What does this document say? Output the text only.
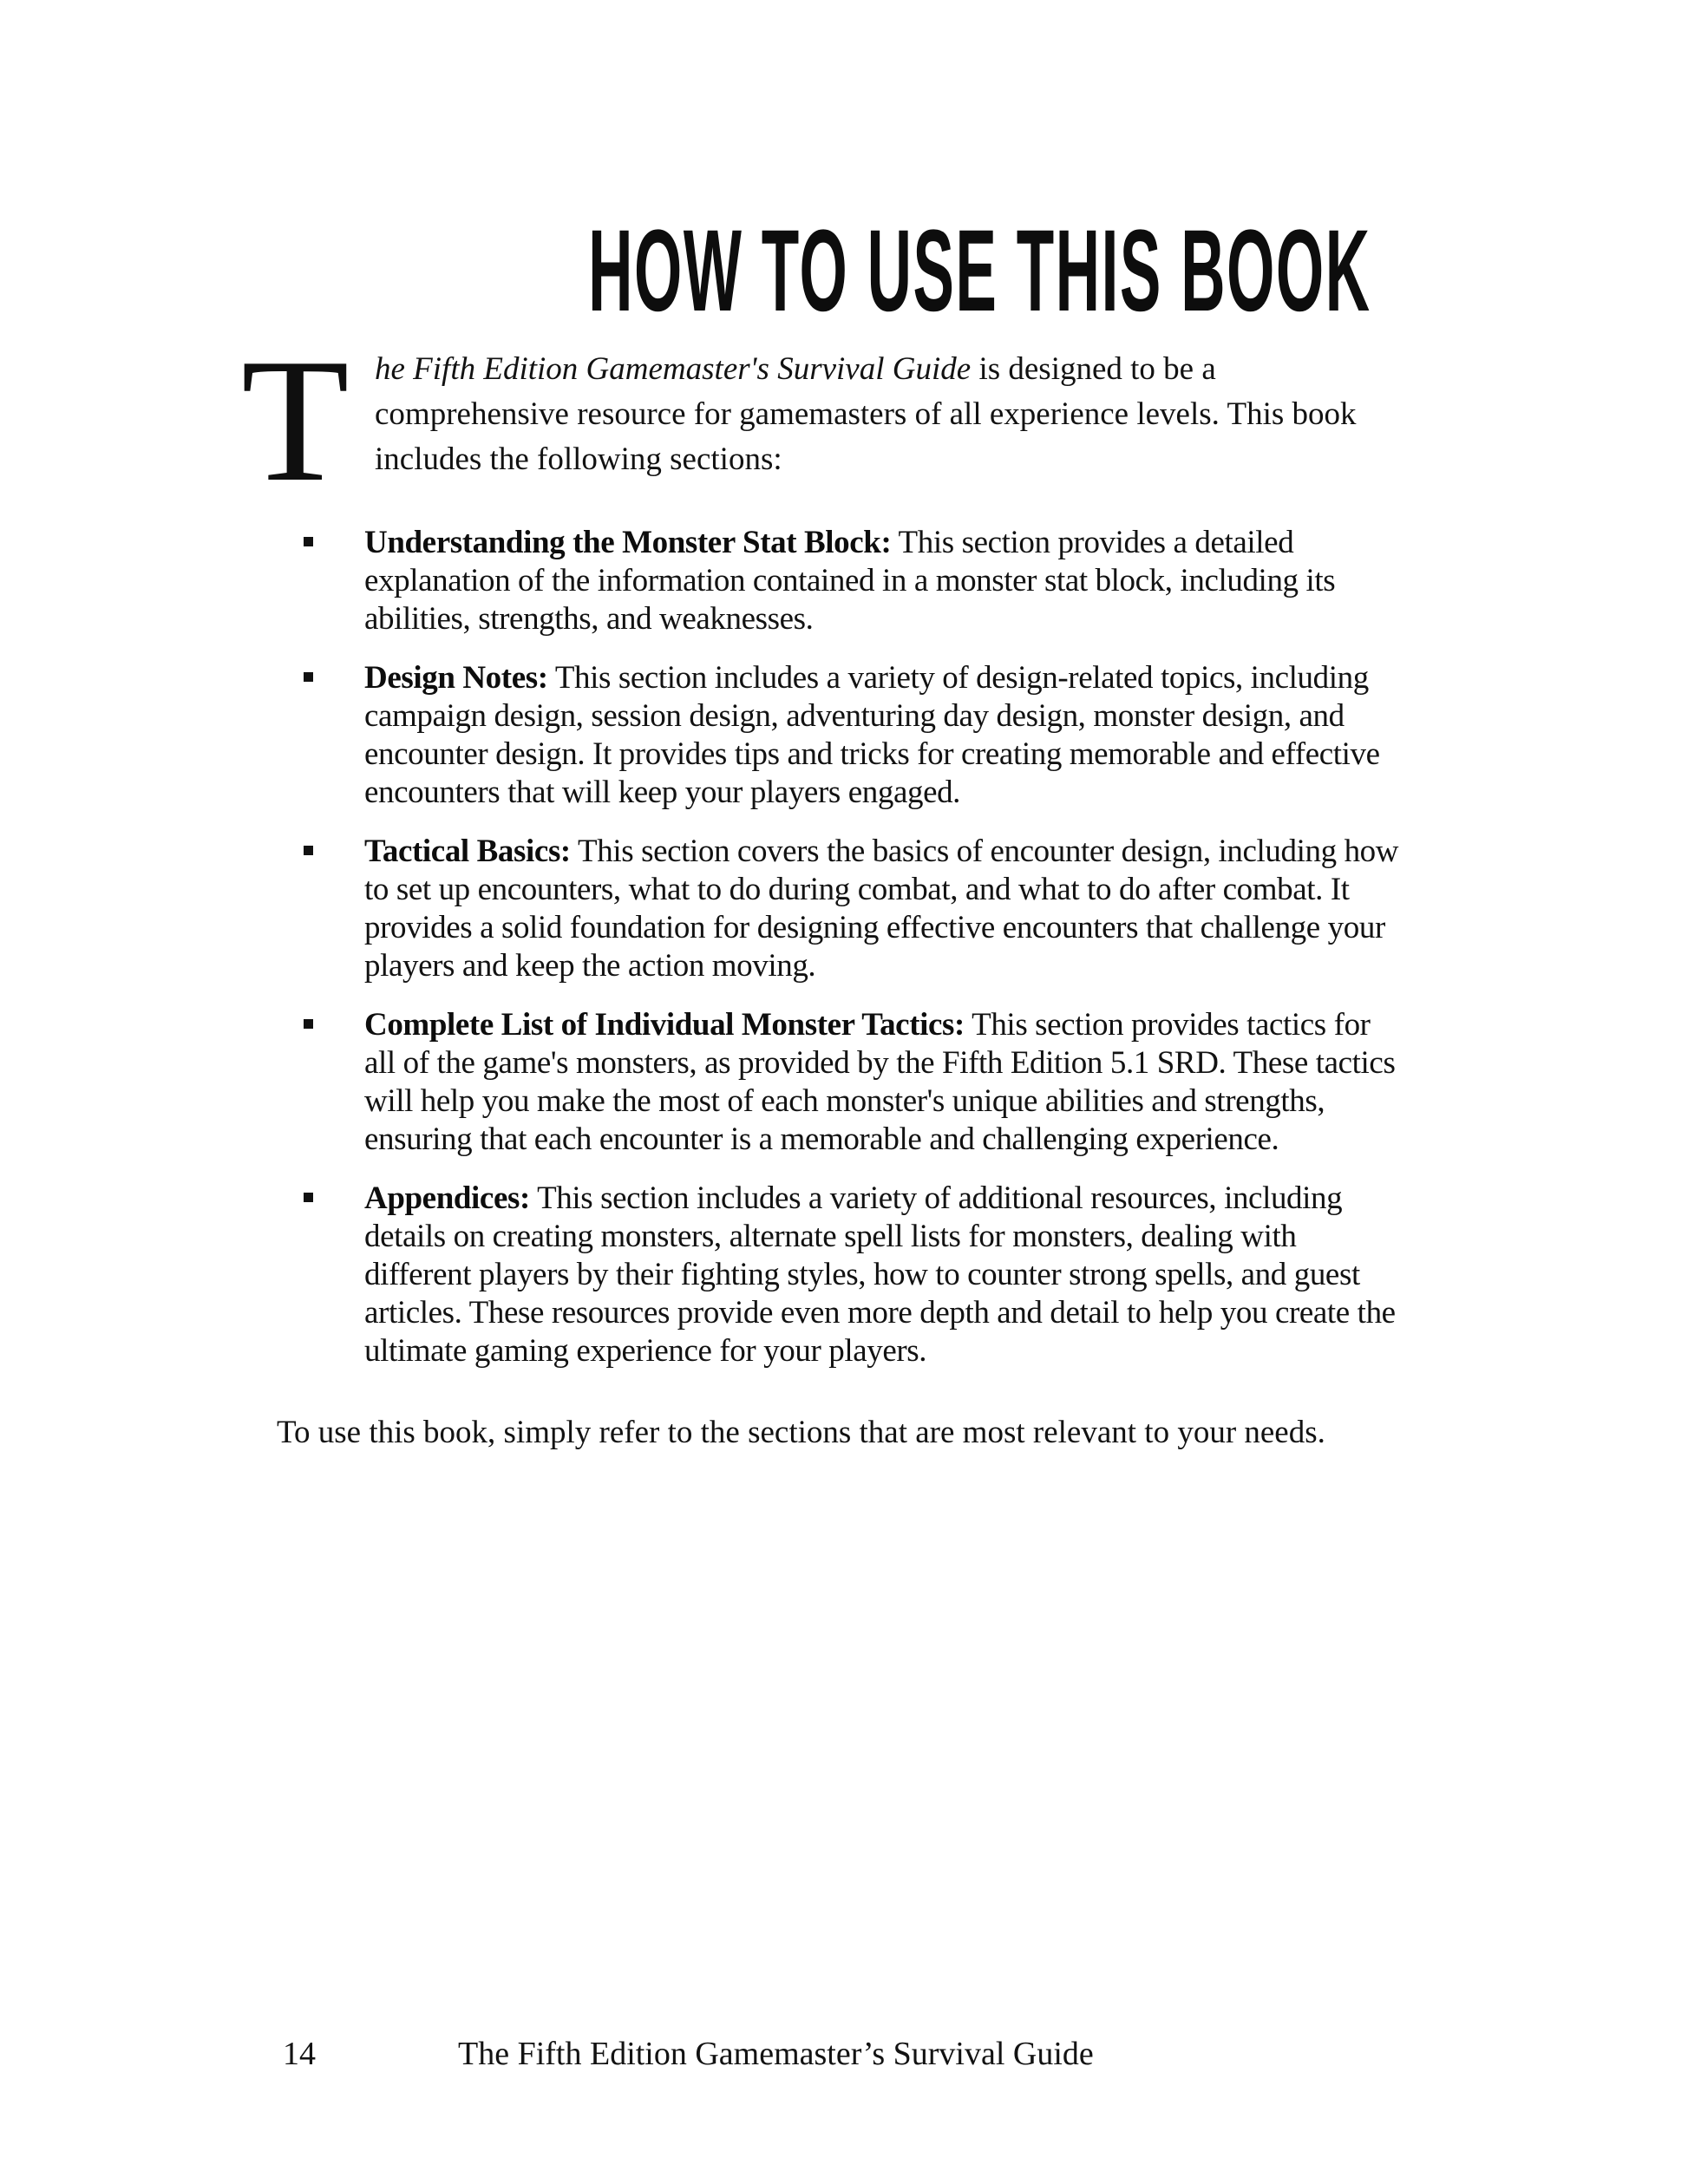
HOW TO USE THIS BOOK

The Fifth Edition Gamemaster's Survival Guide is designed to be a comprehensive resource for gamemasters of all experience levels. This book includes the following sections:

Understanding the Monster Stat Block: This section provides a detailed explanation of the information contained in a monster stat block, including its abilities, strengths, and weaknesses.
Design Notes: This section includes a variety of design-related topics, including campaign design, session design, adventuring day design, monster design, and encounter design. It provides tips and tricks for creating memorable and effective encounters that will keep your players engaged.
Tactical Basics: This section covers the basics of encounter design, including how to set up encounters, what to do during combat, and what to do after combat. It provides a solid foundation for designing effective encounters that challenge your players and keep the action moving.
Complete List of Individual Monster Tactics: This section provides tactics for all of the game's monsters, as provided by the Fifth Edition 5.1 SRD. These tactics will help you make the most of each monster's unique abilities and strengths, ensuring that each encounter is a memorable and challenging experience.
Appendices: This section includes a variety of additional resources, including details on creating monsters, alternate spell lists for monsters, dealing with different players by their fighting styles, how to counter strong spells, and guest articles. These resources provide even more depth and detail to help you create the ultimate gaming experience for your players.

To use this book, simply refer to the sections that are most relevant to your needs.

14	The Fifth Edition Gamemaster’s Survival Guide
